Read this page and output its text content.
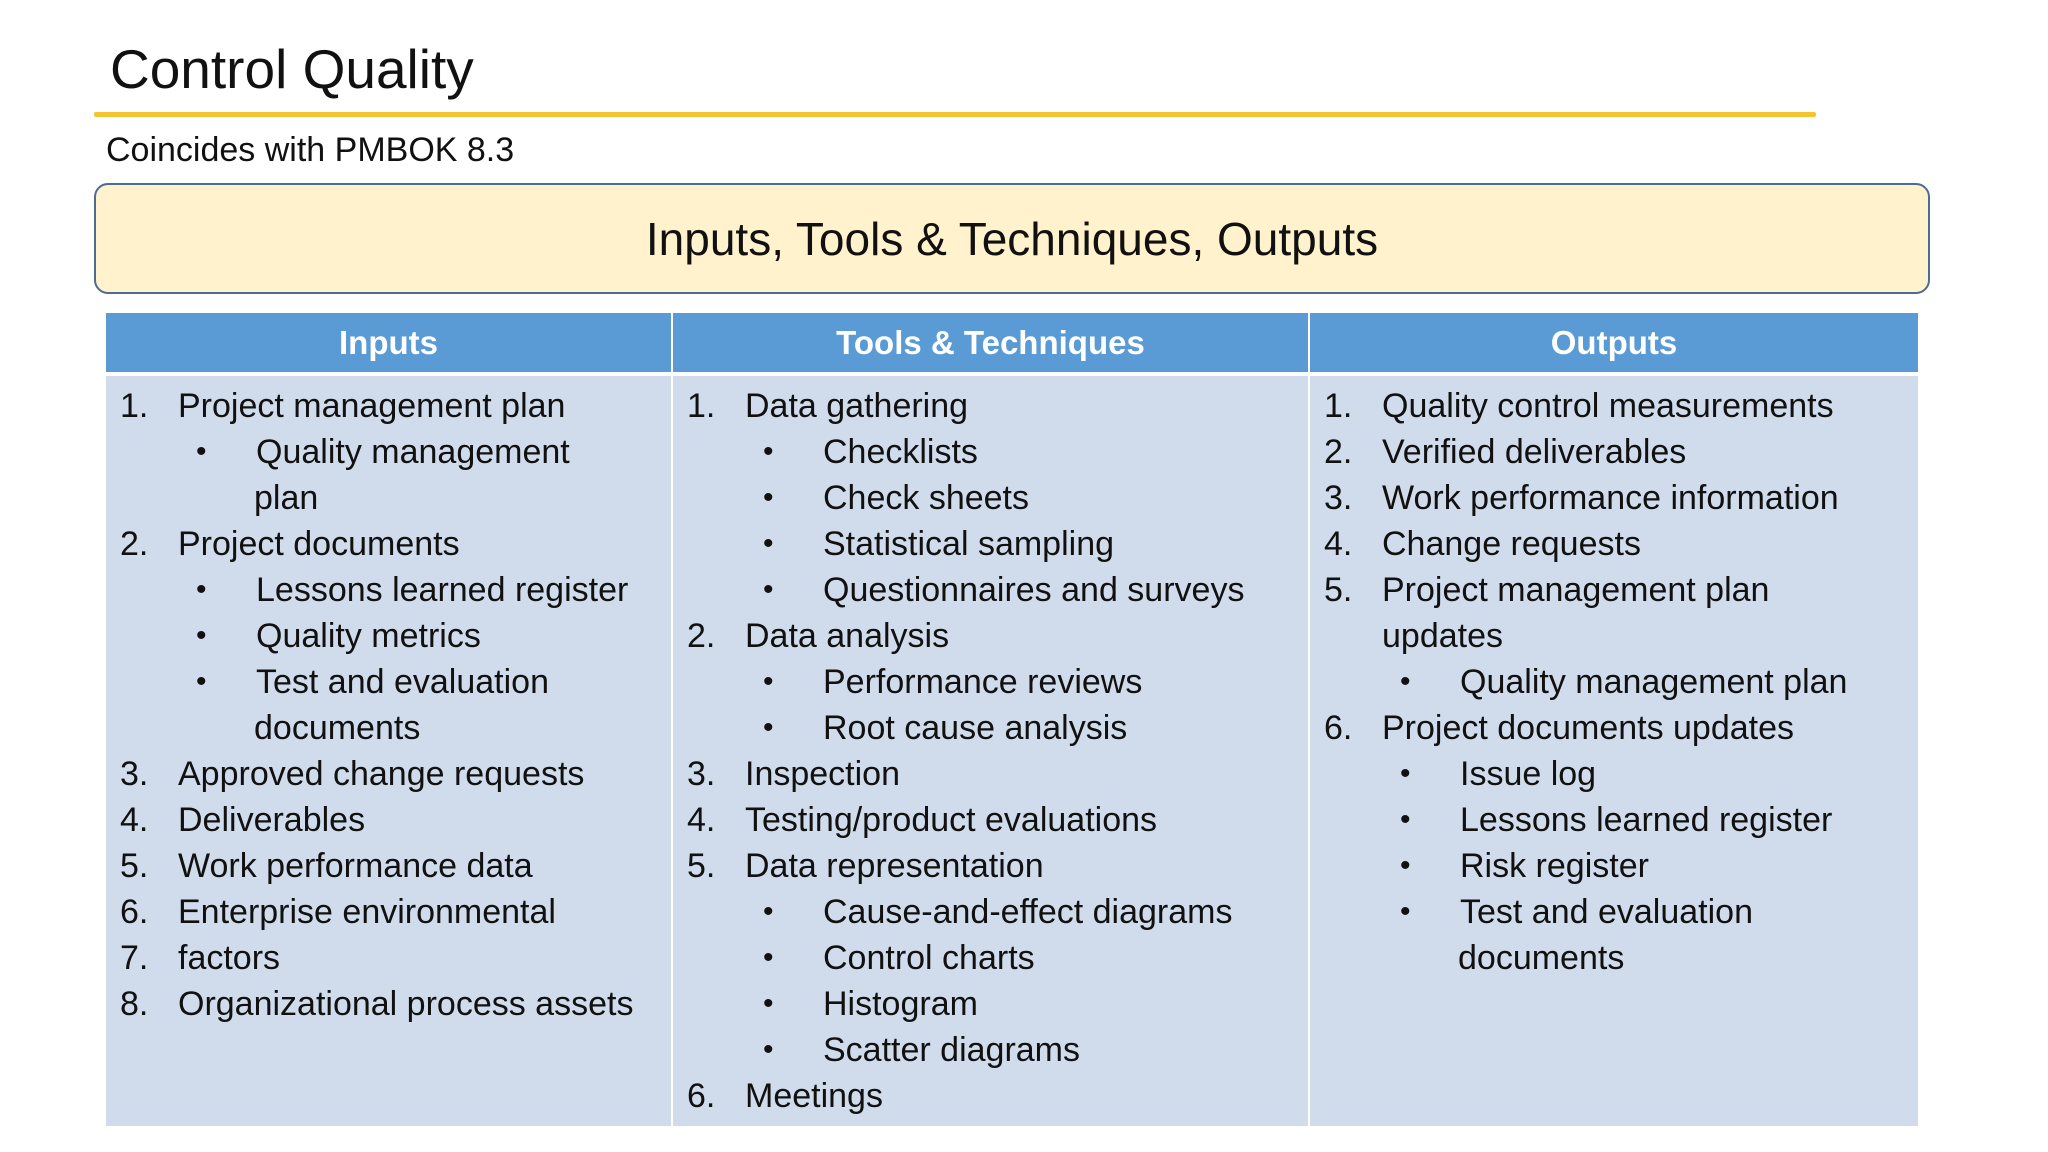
Control Quality
Coincides with PMBOK 8.3
Inputs, Tools & Techniques, Outputs
Inputs	Tools & Techniques	Outputs
1. Project management plan
•	Quality management
plan
2. Project documents
•	Lessons learned register
•	Quality metrics
•	Test and evaluation
documents
3. Approved change requests
4. Deliverables
5. Work performance data
6. Enterprise environmental
7. factors
8. Organizational process assets
1. Data gathering
•	Checklists
•	Check sheets
•	Statistical sampling
•	Questionnaires and surveys
2. Data analysis
•	Performance reviews
•	Root cause analysis
3. Inspection
4. Testing/product evaluations
5. Data representation
•	Cause-and-effect diagrams
•	Control charts
•	Histogram
•	Scatter diagrams
6. Meetings
1. Quality control measurements
2. Verified deliverables
3. Work performance information
4. Change requests
5. Project management plan
updates
•	Quality management plan
6. Project documents updates
•	Issue log
•	Lessons learned register
•	Risk register
•	Test and evaluation
documents
